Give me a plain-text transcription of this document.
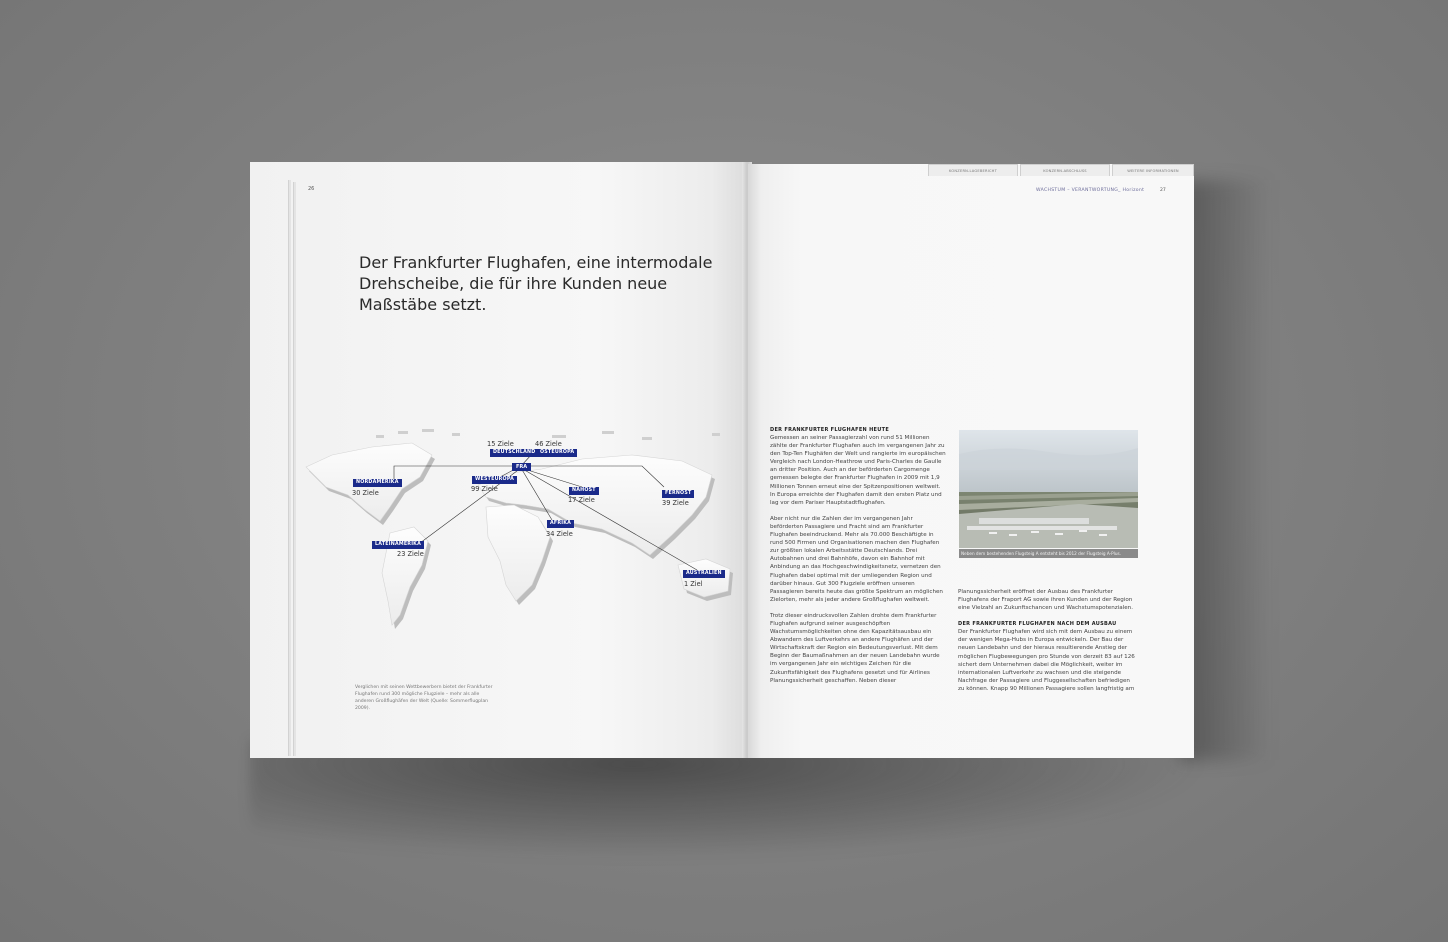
26
Der Frankfurter Flughafen, eine intermodale Drehscheibe, die für ihre Kunden neue Maßstäbe setzt.
FRA
DEUTSCHLAND
15 Ziele
OSTEUROPA
46 Ziele
NORDAMERIKA
30 Ziele
WESTEUROPA
99 Ziele	NAHOST
17 Ziele
FERNOST
39 Ziele
AFRIKA
34 Ziele
LATEINAMERIKA
23 Ziele
AUSTRALIEN
1 Ziel
Verglichen mit seinen Wettbewerbern bietet der Frankfurter Flughafen rund 300 mögliche Flugziele – mehr als alle anderen Großflughäfen der Welt (Quelle: Sommerflugplan 2009).
KONZERN-LAGEBERICHT	KONZERN-ABSCHLUSS	WEITERE INFORMATIONEN
WACHSTUM – VERANTWORTUNG_ Horizont	27
DER FRANKFURTER FLUGHAFEN HEUTE

Gemessen an seiner Passagierzahl von rund 51 Millionen zählte der Frankfurter Flughafen auch im vergangenen Jahr zu den Top-Ten Flughäfen der Welt und rangierte im europäischen Vergleich nach London-Heathrow und Paris-Charles de Gaulle an dritter Position. Auch an der beförderten Cargomenge gemessen belegte der Frankfurter Flughafen in 2009 mit 1,9 Millionen Tonnen erneut eine der Spitzenpositionen weltweit. In Europa erreichte der Flughafen damit den ersten Platz und lag vor dem Pariser Hauptstadtflughafen.

Aber nicht nur die Zahlen der im vergangenen Jahr beförderten Passagiere und Fracht sind am Frankfurter Flughafen beeindruckend. Mehr als 70.000 Beschäftigte in rund 500 Firmen und Organisationen machen den Flughafen zur größten lokalen Arbeitsstätte Deutschlands. Drei Autobahnen und drei Bahnhöfe, davon ein Bahnhof mit Anbindung an das Hochgeschwindigkeitsnetz, vernetzen den Flughafen dabei optimal mit der umliegenden Region und darüber hinaus. Gut 300 Flugziele eröffnen unseren Passagieren bereits heute das größte Spektrum an möglichen Zielorten, mehr als jeder andere Großflughafen weltweit.

Trotz dieser eindrucksvollen Zahlen drohte dem Frankfurter Flughafen aufgrund seiner ausgeschöpften Wachstumsmöglichkeiten ohne den Kapazitätsausbau ein Abwandern des Luftverkehrs an andere Flughäfen und der Wirtschaftskraft der Region ein Bedeutungsverlust. Mit dem Beginn der Baumaßnahmen an der neuen Landebahn wurde im vergangenen Jahr ein wichtiges Zeichen für die Zukunftsfähigkeit des Flughafens gesetzt und für Airlines Planungssicherheit geschaffen. Neben dieser

Neben dem bestehenden Flugsteig A entsteht bis 2012 der Flugsteig A-Plus.

Planungssicherheit eröffnet der Ausbau des Frankfurter Flughafens der Fraport AG sowie ihren Kunden und der Region eine Vielzahl an Zukunftschancen und Wachstumspotenzialen.

DER FRANKFURTER FLUGHAFEN NACH DEM AUSBAU

Der Frankfurter Flughafen wird sich mit dem Ausbau zu einem der wenigen Mega-Hubs in Europa entwickeln. Der Bau der neuen Landebahn und der hieraus resultierende Anstieg der möglichen Flugbewegungen pro Stunde von derzeit 83 auf 126 sichert dem Unternehmen dabei die Möglichkeit, weiter im internationalen Luftverkehr zu wachsen und die steigende Nachfrage der Passagiere und Fluggesellschaften befriedigen zu können. Knapp 90 Millionen Passagiere sollen langfristig am
